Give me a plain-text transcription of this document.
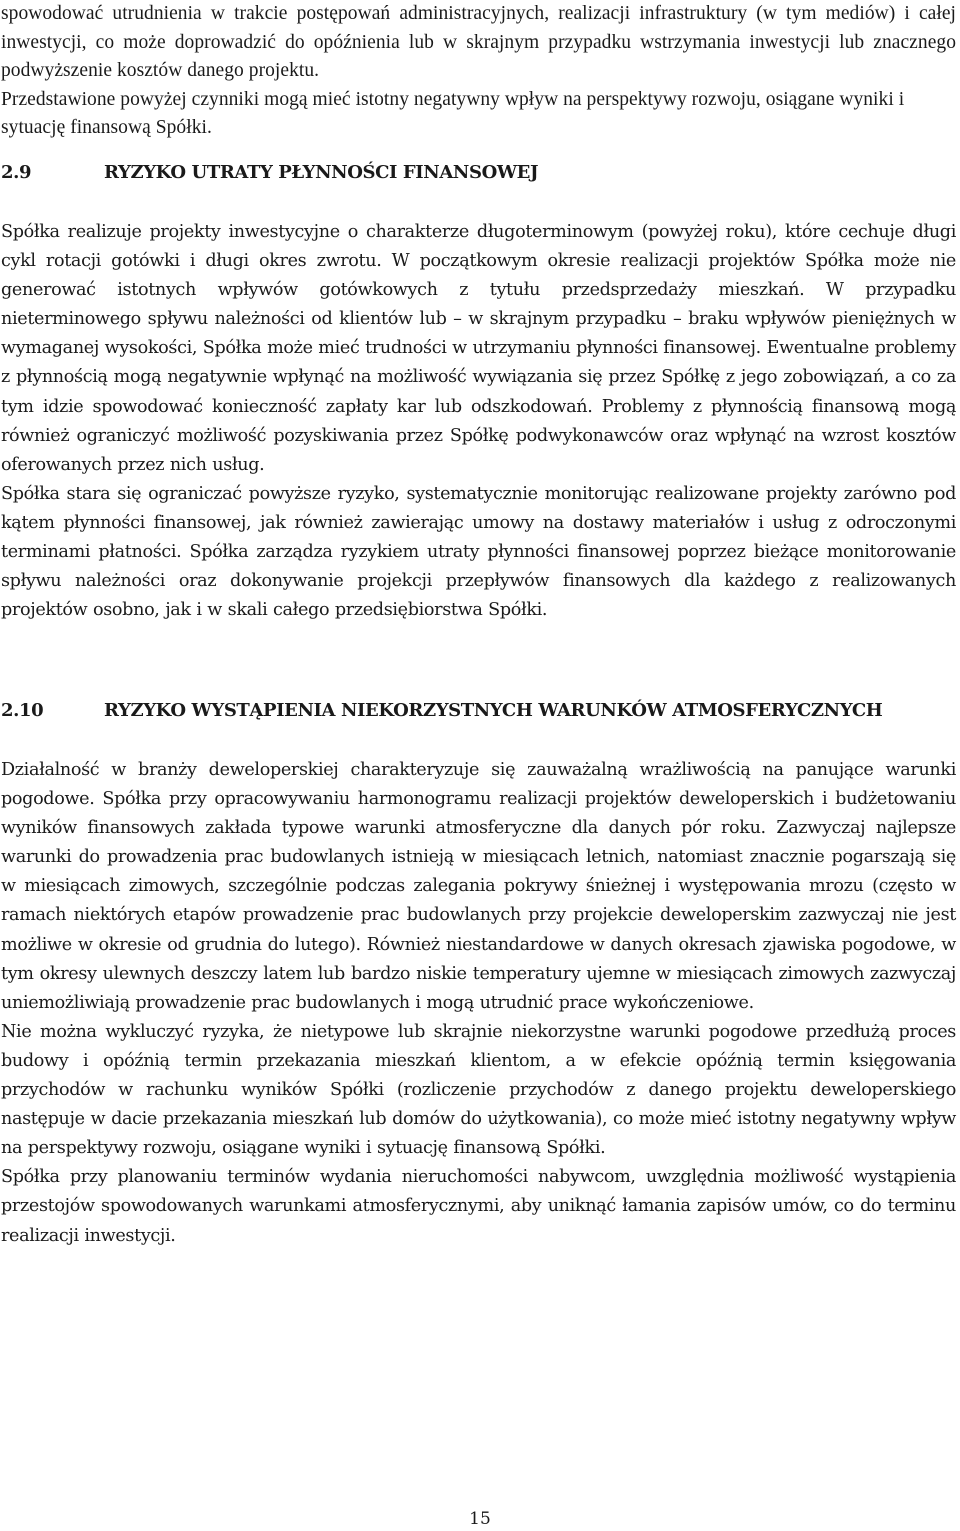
spowodować utrudnienia w trakcie postępowań administracyjnych, realizacji infrastruktury (w tym mediów) i całej inwestycji, co może doprowadzić do opóźnienia lub w skrajnym przypadku wstrzymania inwestycji lub znacznego podwyższenie kosztów danego projektu.

Przedstawione powyżej czynniki mogą mieć istotny negatywny wpływ na perspektywy rozwoju, osiągane wyniki i sytuację finansową Spółki.

2.9	RYZYKO UTRATY PŁYNNOŚCI FINANSOWEJ

Spółka realizuje projekty inwestycyjne o charakterze długoterminowym (powyżej roku), które cechuje długi cykl rotacji gotówki i długi okres zwrotu. W początkowym okresie realizacji projektów Spółka może nie generować istotnych wpływów gotówkowych z tytułu przedsprzedaży mieszkań. W przypadku nieterminowego spływu należności od klientów lub – w skrajnym przypadku – braku wpływów pieniężnych w wymaganej wysokości, Spółka może mieć trudności w utrzymaniu płynności finansowej. Ewentualne problemy z płynnością mogą negatywnie wpłynąć na możliwość wywiązania się przez Spółkę z jego zobowiązań, a co za tym idzie spowodować konieczność zapłaty kar lub odszkodowań. Problemy z płynnością finansową mogą również ograniczyć możliwość pozyskiwania przez Spółkę podwykonawców oraz wpłynąć na wzrost kosztów oferowanych przez nich usług.

Spółka stara się ograniczać powyższe ryzyko, systematycznie monitorując realizowane projekty zarówno pod kątem płynności finansowej, jak również zawierając umowy na dostawy materiałów i usług z odroczonymi terminami płatności. Spółka zarządza ryzykiem utraty płynności finansowej poprzez bieżące monitorowanie spływu należności oraz dokonywanie projekcji przepływów finansowych dla każdego z realizowanych projektów osobno, jak i w skali całego przedsiębiorstwa Spółki.

2.10	RYZYKO WYSTĄPIENIA NIEKORZYSTNYCH WARUNKÓW ATMOSFERYCZNYCH

Działalność w branży deweloperskiej charakteryzuje się zauważalną wrażliwością na panujące warunki pogodowe. Spółka przy opracowywaniu harmonogramu realizacji projektów deweloperskich i budżetowaniu wyników finansowych zakłada typowe warunki atmosferyczne dla danych pór roku. Zazwyczaj najlepsze warunki do prowadzenia prac budowlanych istnieją w miesiącach letnich, natomiast znacznie pogarszają się w miesiącach zimowych, szczególnie podczas zalegania pokrywy śnieżnej i występowania mrozu (często w ramach niektórych etapów prowadzenie prac budowlanych przy projekcie deweloperskim zazwyczaj nie jest możliwe w okresie od grudnia do lutego). Również niestandardowe w danych okresach zjawiska pogodowe, w tym okresy ulewnych deszczy latem lub bardzo niskie temperatury ujemne w miesiącach zimowych zazwyczaj uniemożliwiają prowadzenie prac budowlanych i mogą utrudnić prace wykończeniowe.

Nie można wykluczyć ryzyka, że nietypowe lub skrajnie niekorzystne warunki pogodowe przedłużą proces budowy i opóźnią termin przekazania mieszkań klientom, a w efekcie opóźnią termin księgowania przychodów w rachunku wyników Spółki (rozliczenie przychodów z danego projektu deweloperskiego następuje w dacie przekazania mieszkań lub domów do użytkowania), co może mieć istotny negatywny wpływ na perspektywy rozwoju, osiągane wyniki i sytuację finansową Spółki.

Spółka przy planowaniu terminów wydania nieruchomości nabywcom, uwzględnia możliwość wystąpienia przestojów spowodowanych warunkami atmosferycznymi, aby uniknąć łamania zapisów umów, co do terminu realizacji inwestycji.

15
